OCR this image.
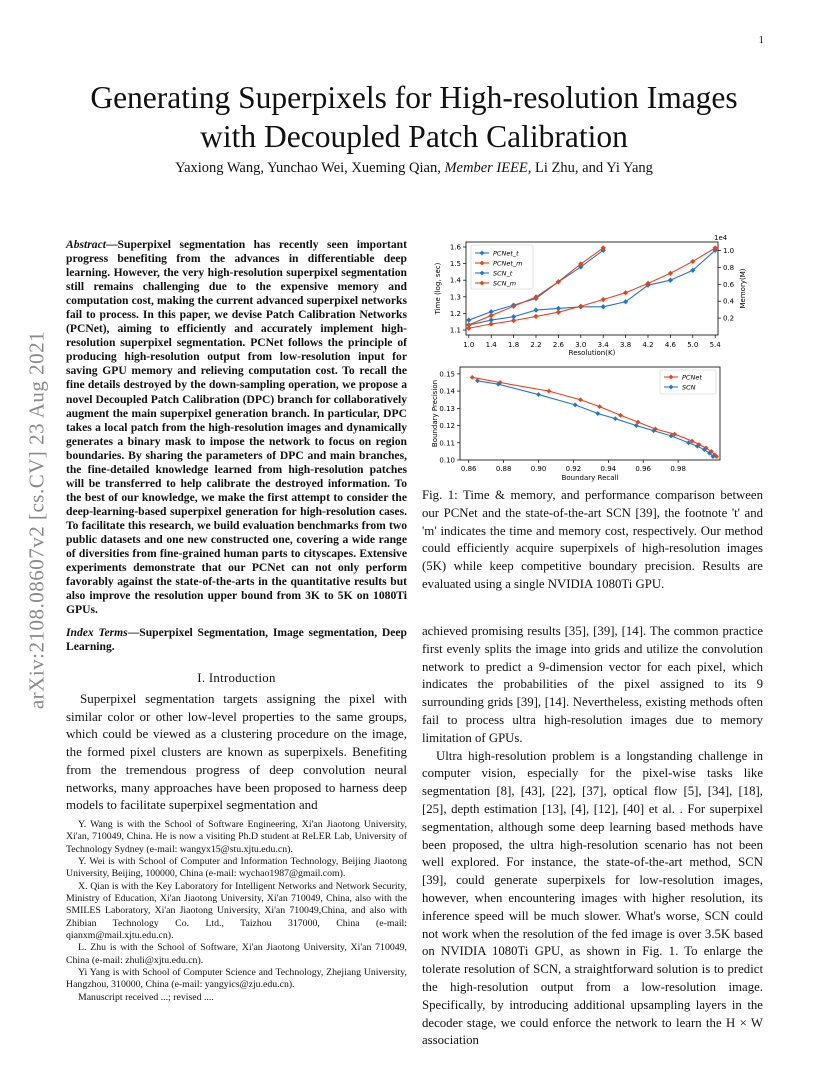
1
Generating Superpixels for High-resolution Images
with Decoupled Patch Calibration
Yaxiong Wang, Yunchao Wei, Xueming Qian, Member IEEE, Li Zhu, and Yi Yang
arXiv:2108.08607v2 [cs.CV] 23 Aug 2021
Abstract—Superpixel segmentation has recently seen important progress benefiting from the advances in differentiable deep learning. However, the very high-resolution superpixel segmentation still remains challenging due to the expensive memory and computation cost, making the current advanced superpixel networks fail to process. In this paper, we devise Patch Calibration Networks (PCNet), aiming to efficiently and accurately implement high-resolution superpixel segmentation. PCNet follows the principle of producing high-resolution output from low-resolution input for saving GPU memory and relieving computation cost. To recall the fine details destroyed by the down-sampling operation, we propose a novel Decoupled Patch Calibration (DPC) branch for collaboratively augment the main superpixel generation branch. In particular, DPC takes a local patch from the high-resolution images and dynamically generates a binary mask to impose the network to focus on region boundaries. By sharing the parameters of DPC and main branches, the fine-detailed knowledge learned from high-resolution patches will be transferred to help calibrate the destroyed information. To the best of our knowledge, we make the first attempt to consider the deep-learning-based superpixel generation for high-resolution cases. To facilitate this research, we build evaluation benchmarks from two public datasets and one new constructed one, covering a wide range of diversities from fine-grained human parts to cityscapes. Extensive experiments demonstrate that our PCNet can not only perform favorably against the state-of-the-arts in the quantitative results but also improve the resolution upper bound from 3K to 5K on 1080Ti GPUs.
Index Terms—Superpixel Segmentation, Image segmentation, Deep Learning.
I. Introduction
Superpixel segmentation targets assigning the pixel with similar color or other low-level properties to the same groups, which could be viewed as a clustering procedure on the image, the formed pixel clusters are known as superpixels. Benefiting from the tremendous progress of deep convolution neural networks, many approaches have been proposed to harness deep models to facilitate superpixel segmentation and

Y. Wang is with the School of Software Engineering, Xi'an Jiaotong University, Xi'an, 710049, China. He is now a visiting Ph.D student at ReLER Lab, University of Technology Sydney (e-mail: wangyx15@stu.xjtu.edu.cn).

Y. Wei is with School of Computer and Information Technology, Beijing Jiaotong University, Beijing, 100000, China (e-mail: wychao1987@gmail.com).

X. Qian is with the Key Laboratory for Intelligent Networks and Network Security, Ministry of Education, Xi'an Jiaotong University, Xi'an 710049, China, also with the SMILES Laboratory, Xi'an Jiaotong University, Xi'an 710049,China, and also with Zhibian Technology Co. Ltd., Taizhou 317000, China (e-mail: qianxm@mail.xjtu.edu.cn).

L. Zhu is with the School of Software, Xi'an Jiaotong University, Xi'an 710049, China (e-mail: zhuli@xjtu.edu.cn).

Yi Yang is with School of Computer Science and Technology, Zhejiang University, Hangzhou, 310000, China (e-mail: yangyics@zju.edu.cn).

Manuscript received ...; revised ....

1.0 1.4 1.8 2.2 2.6 3.0 3.4 3.8 4.2 4.6 5.0 5.4
1.1
1.2
1.3
1.4
1.5
1.6
0.2
0.4
0.6
0.8
1.0
1e4
Resolution(K)
Time (log, sec)	Memory(M)
PCNet_t
PCNet_m
SCN_t
SCN_m
0.86	0.88	0.90	0.92	0.94	0.96	0.98
0.10
0.11
0.12
0.13
0.14
0.15
Boundary Recall
Boundary Precision
PCNet
SCN
Fig. 1: Time & memory, and performance comparison between our PCNet and the state-of-the-art SCN [39], the footnote 't' and 'm' indicates the time and memory cost, respectively. Our method could efficiently acquire superpixels of high-resolution images (5K) while keep competitive boundary precision. Results are evaluated using a single NVIDIA 1080Ti GPU.

achieved promising results [35], [39], [14]. The common practice first evenly splits the image into grids and utilize the convolution network to predict a 9-dimension vector for each pixel, which indicates the probabilities of the pixel assigned to its 9 surrounding grids [39], [14]. Nevertheless, existing methods often fail to process ultra high-resolution images due to memory limitation of GPUs.

Ultra high-resolution problem is a longstanding challenge in computer vision, especially for the pixel-wise tasks like segmentation [8], [43], [22], [37], optical flow [5], [34], [18], [25], depth estimation [13], [4], [12], [40] et al. . For superpixel segmentation, although some deep learning based methods have been proposed, the ultra high-resolution scenario has not been well explored. For instance, the state-of-the-art method, SCN [39], could generate superpixels for low-resolution images, however, when encountering images with higher resolution, its inference speed will be much slower. What's worse, SCN could not work when the resolution of the fed image is over 3.5K based on NVIDIA 1080Ti GPU, as shown in Fig. 1. To enlarge the tolerate resolution of SCN, a straightforward solution is to predict the high-resolution output from a low-resolution image. Specifically, by introducing additional upsampling layers in the decoder stage, we could enforce the network to learn the H × W association
